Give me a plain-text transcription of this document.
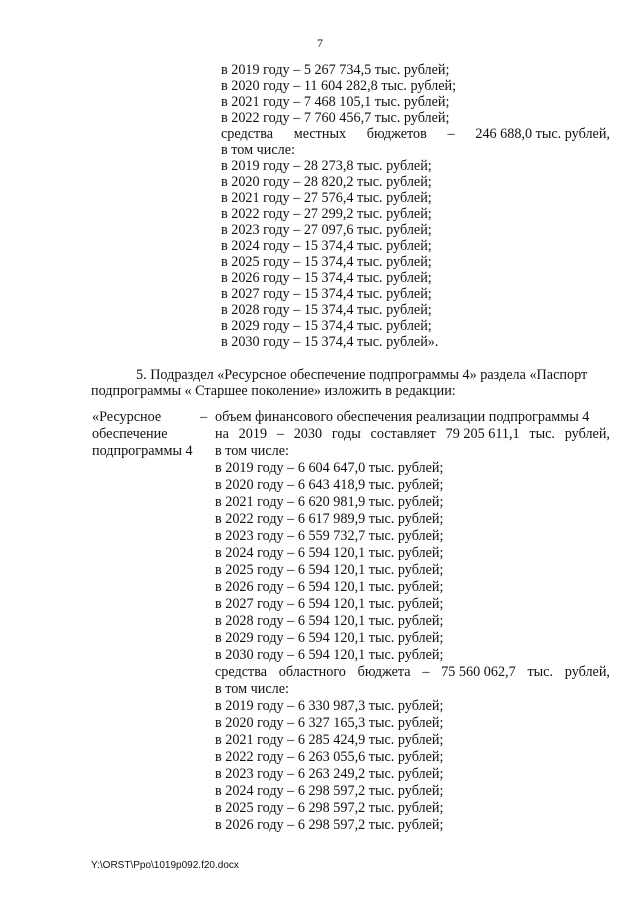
7
в 2019 году – 5 267 734,5 тыс. рублей;
в 2020 году – 11 604 282,8 тыс. рублей;
в 2021 году – 7 468 105,1 тыс. рублей;
в 2022 году – 7 760 456,7 тыс. рублей;
средства местных бюджетов – 246 688,0 тыс. рублей,
в том числе:
в 2019 году – 28 273,8 тыс. рублей;
в 2020 году – 28 820,2 тыс. рублей;
в 2021 году – 27 576,4 тыс. рублей;
в 2022 году – 27 299,2 тыс. рублей;
в 2023 году – 27 097,6 тыс. рублей;
в 2024 году – 15 374,4 тыс. рублей;
в 2025 году – 15 374,4 тыс. рублей;
в 2026 году – 15 374,4 тыс. рублей;
в 2027 году – 15 374,4 тыс. рублей;
в 2028 году – 15 374,4 тыс. рублей;
в 2029 году – 15 374,4 тыс. рублей;
в 2030 году – 15 374,4 тыс. рублей».
5. Подраздел «Ресурсное обеспечение подпрограммы 4» раздела «Паспорт
подпрограммы « Старшее поколение» изложить в редакции:
«Ресурсное
обеспечение
подпрограммы 4
– объем финансового обеспечения реализации подпрограммы 4
на 2019 – 2030 годы составляет 79 205 611,1 тыс. рублей,
в том числе:
в 2019 году – 6 604 647,0 тыс. рублей;
в 2020 году – 6 643 418,9 тыс. рублей;
в 2021 году – 6 620 981,9 тыс. рублей;
в 2022 году – 6 617 989,9 тыс. рублей;
в 2023 году – 6 559 732,7 тыс. рублей;
в 2024 году – 6 594 120,1 тыс. рублей;
в 2025 году – 6 594 120,1 тыс. рублей;
в 2026 году – 6 594 120,1 тыс. рублей;
в 2027 году – 6 594 120,1 тыс. рублей;
в 2028 году – 6 594 120,1 тыс. рублей;
в 2029 году – 6 594 120,1 тыс. рублей;
в 2030 году – 6 594 120,1 тыс. рублей;
средства областного бюджета – 75 560 062,7 тыс. рублей,
в том числе:
в 2019 году – 6 330 987,3 тыс. рублей;
в 2020 году – 6 327 165,3 тыс. рублей;
в 2021 году – 6 285 424,9 тыс. рублей;
в 2022 году – 6 263 055,6 тыс. рублей;
в 2023 году – 6 263 249,2 тыс. рублей;
в 2024 году – 6 298 597,2 тыс. рублей;
в 2025 году – 6 298 597,2 тыс. рублей;
в 2026 году – 6 298 597,2 тыс. рублей;
Y:\ORST\Ppo\1019p092.f20.docx
